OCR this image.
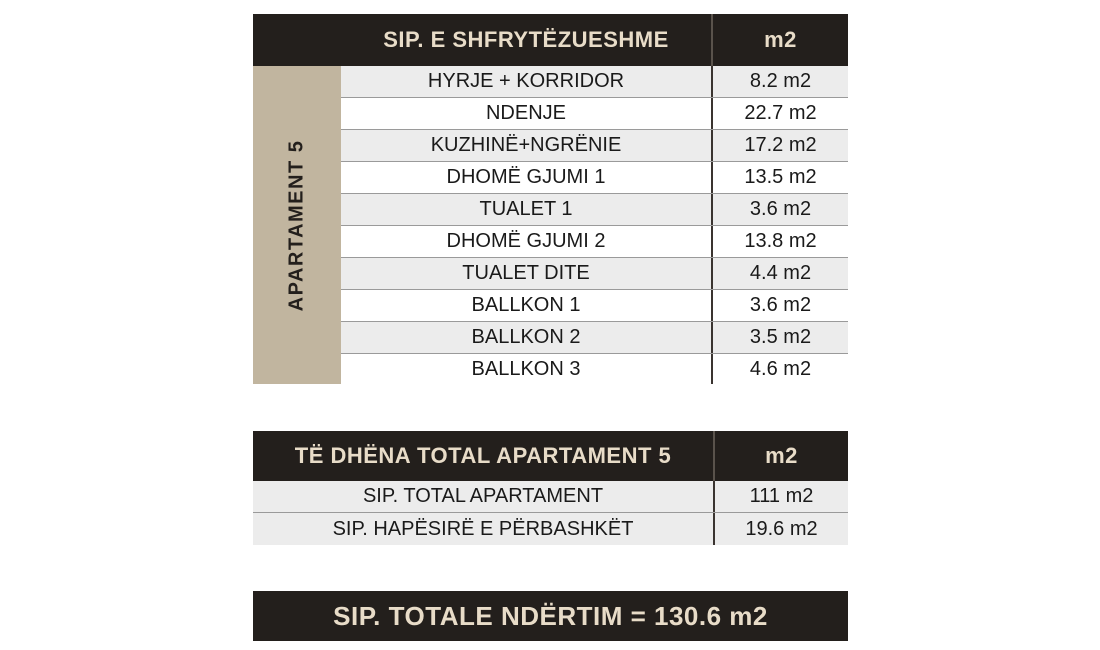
SIP. E SHFRYTËZUESHME	m2
APARTAMENT 5
HYRJE + KORRIDOR	8.2 m2
NDENJE	22.7 m2
KUZHINË+NGRËNIE	17.2 m2
DHOMË GJUMI 1	13.5 m2
TUALET 1	3.6 m2
DHOMË GJUMI 2	13.8 m2
TUALET DITE	4.4 m2
BALLKON 1	3.6 m2
BALLKON 2	3.5 m2
BALLKON 3	4.6 m2
TË DHËNA TOTAL APARTAMENT 5	m2
SIP. TOTAL APARTAMENT	111 m2
SIP. HAPËSIRË E PËRBASHKËT	19.6 m2
SIP. TOTALE NDËRTIM = 130.6 m2
